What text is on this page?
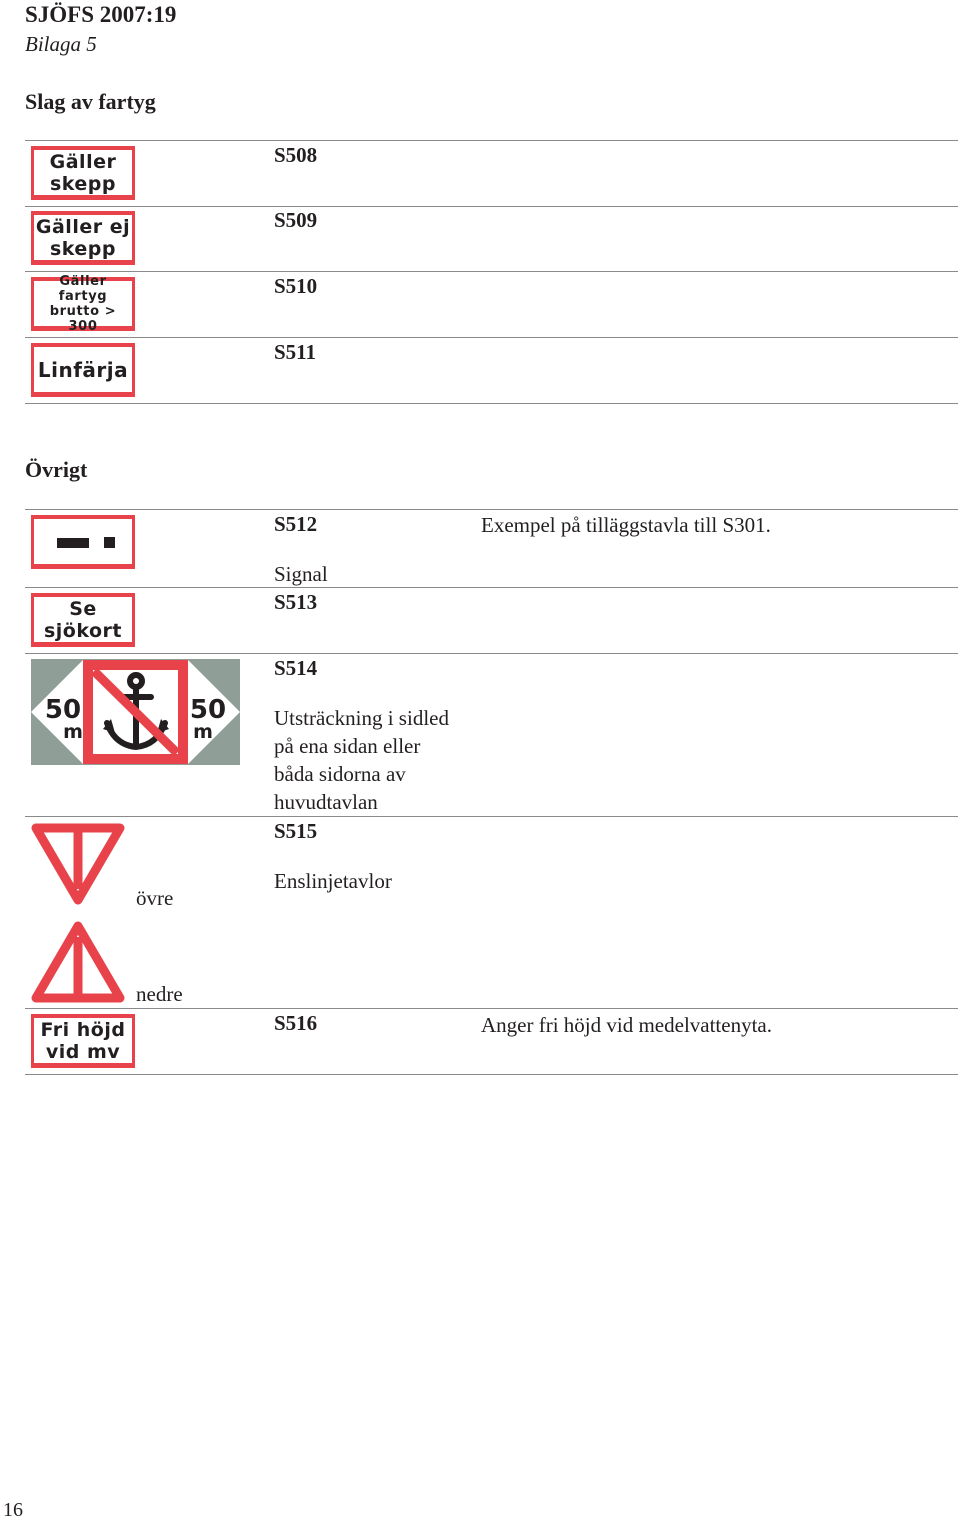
SJÖFS 2007:19
Bilaga 5
Slag av fartyg
Gäller
skepp
S508
Gäller ej
skepp
S509
Gäller fartyg
brutto > 300
S510
Linfärja
S511
Övrigt
S512	Exempel på tilläggstavla till S301.
Signal
Se
sjökort
S513
50
m
50
m
S514
Utsträckning i sidled
på ena sidan eller
båda sidorna av
huvudtavlan
övre
nedre
S515
Enslinjetavlor
Fri höjd
vid mv
S516	Anger fri höjd vid medelvattenyta.
16
